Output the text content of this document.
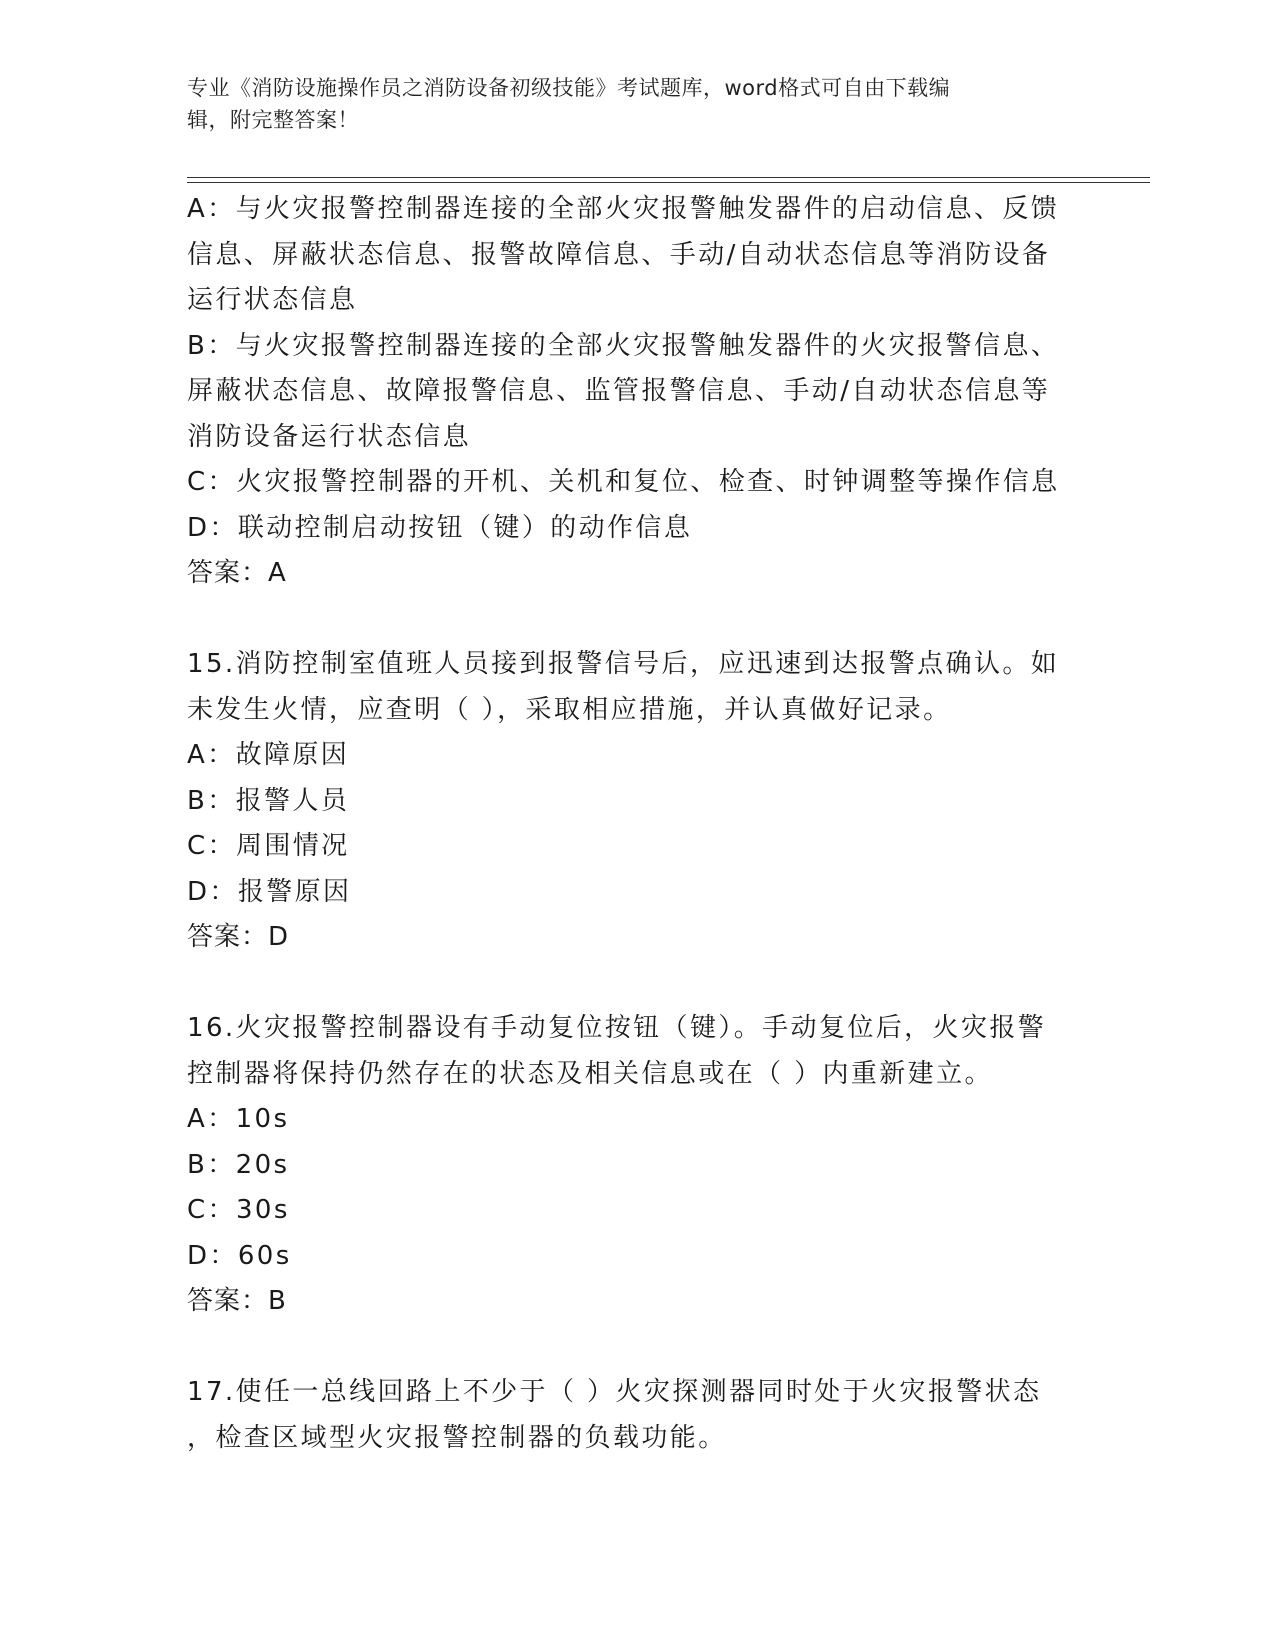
专业《消防设施操作员之消防设备初级技能》考试题库，word格式可自由下载编
辑，附完整答案！
A：与火灾报警控制器连接的全部火灾报警触发器件的启动信息、反馈
信息、屏蔽状态信息、报警故障信息、手动/自动状态信息等消防设备
运行状态信息
B：与火灾报警控制器连接的全部火灾报警触发器件的火灾报警信息、
屏蔽状态信息、故障报警信息、监管报警信息、手动/自动状态信息等
消防设备运行状态信息
C：火灾报警控制器的开机、关机和复位、检查、时钟调整等操作信息
D：联动控制启动按钮（键）的动作信息
答案：A
15.消防控制室值班人员接到报警信号后，应迅速到达报警点确认。如
未发生火情，应查明（ ），采取相应措施，并认真做好记录。
A：故障原因
B：报警人员
C：周围情况
D：报警原因
答案：D
16.火灾报警控制器设有手动复位按钮（键）。手动复位后，火灾报警
控制器将保持仍然存在的状态及相关信息或在（ ）内重新建立。
A：10s
B：20s
C：30s
D：60s
答案：B
17.使任一总线回路上不少于（ ）火灾探测器同时处于火灾报警状态
，检查区域型火灾报警控制器的负载功能。
